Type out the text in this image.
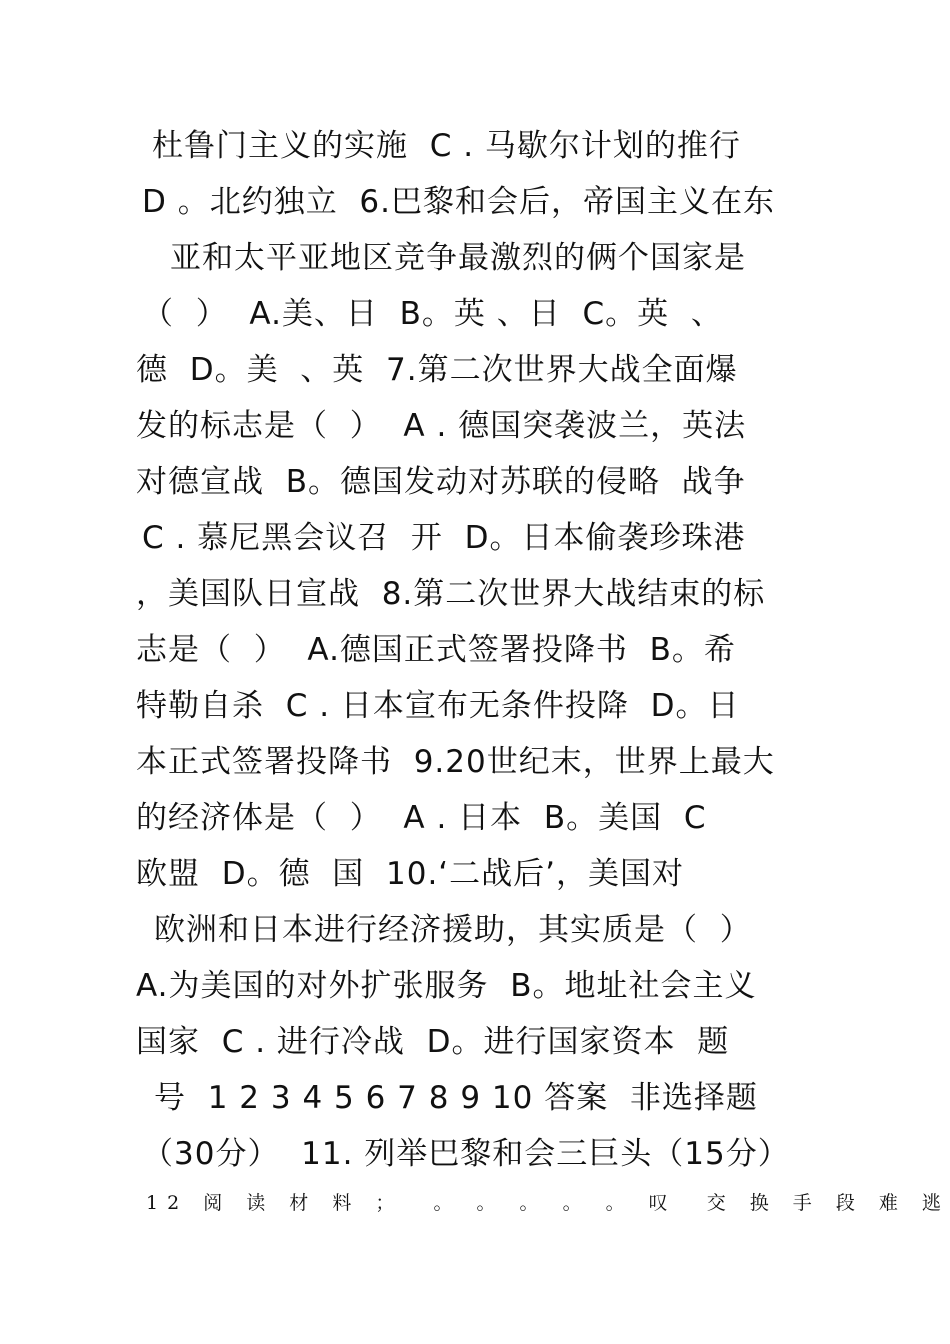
杜鲁门主义的实施  C . 马歇尔计划的推行
D 。北约独立  6.巴黎和会后，帝国主义在东
亚和太平亚地区竞争最激烈的俩个国家是
（  ）  A.美、日  B。英 、日  C。英  、
德  D。美  、英  7.第二次世界大战全面爆
发的标志是（  ）  A . 德国突袭波兰，英法
对德宣战  B。德国发动对苏联的侵略  战争
C . 慕尼黑会议召  开  D。日本偷袭珍珠港
，美国队日宣战  8.第二次世界大战结束的标
志是（  ）  A.德国正式签署投降书  B。希
特勒自杀  C . 日本宣布无条件投降  D。日
本正式签署投降书  9.20世纪末，世界上最大
的经济体是（  ）  A . 日本  B。美国  C
欧盟  D。德  国  10.‘二战后’，美国对
欧洲和日本进行经济援助，其实质是（  ）
A.为美国的对外扩张服务  B。地址社会主义
国家  C . 进行冷战  D。进行国家资本  题
号  1 2 3 4 5 6 7 8 9 10 答案  非选择题
（30分）  11. 列举巴黎和会三巨头（15分）
12 阅 读 材 料 ；  。 。 。 。 。 叹  交 换 手 段 难 逃
